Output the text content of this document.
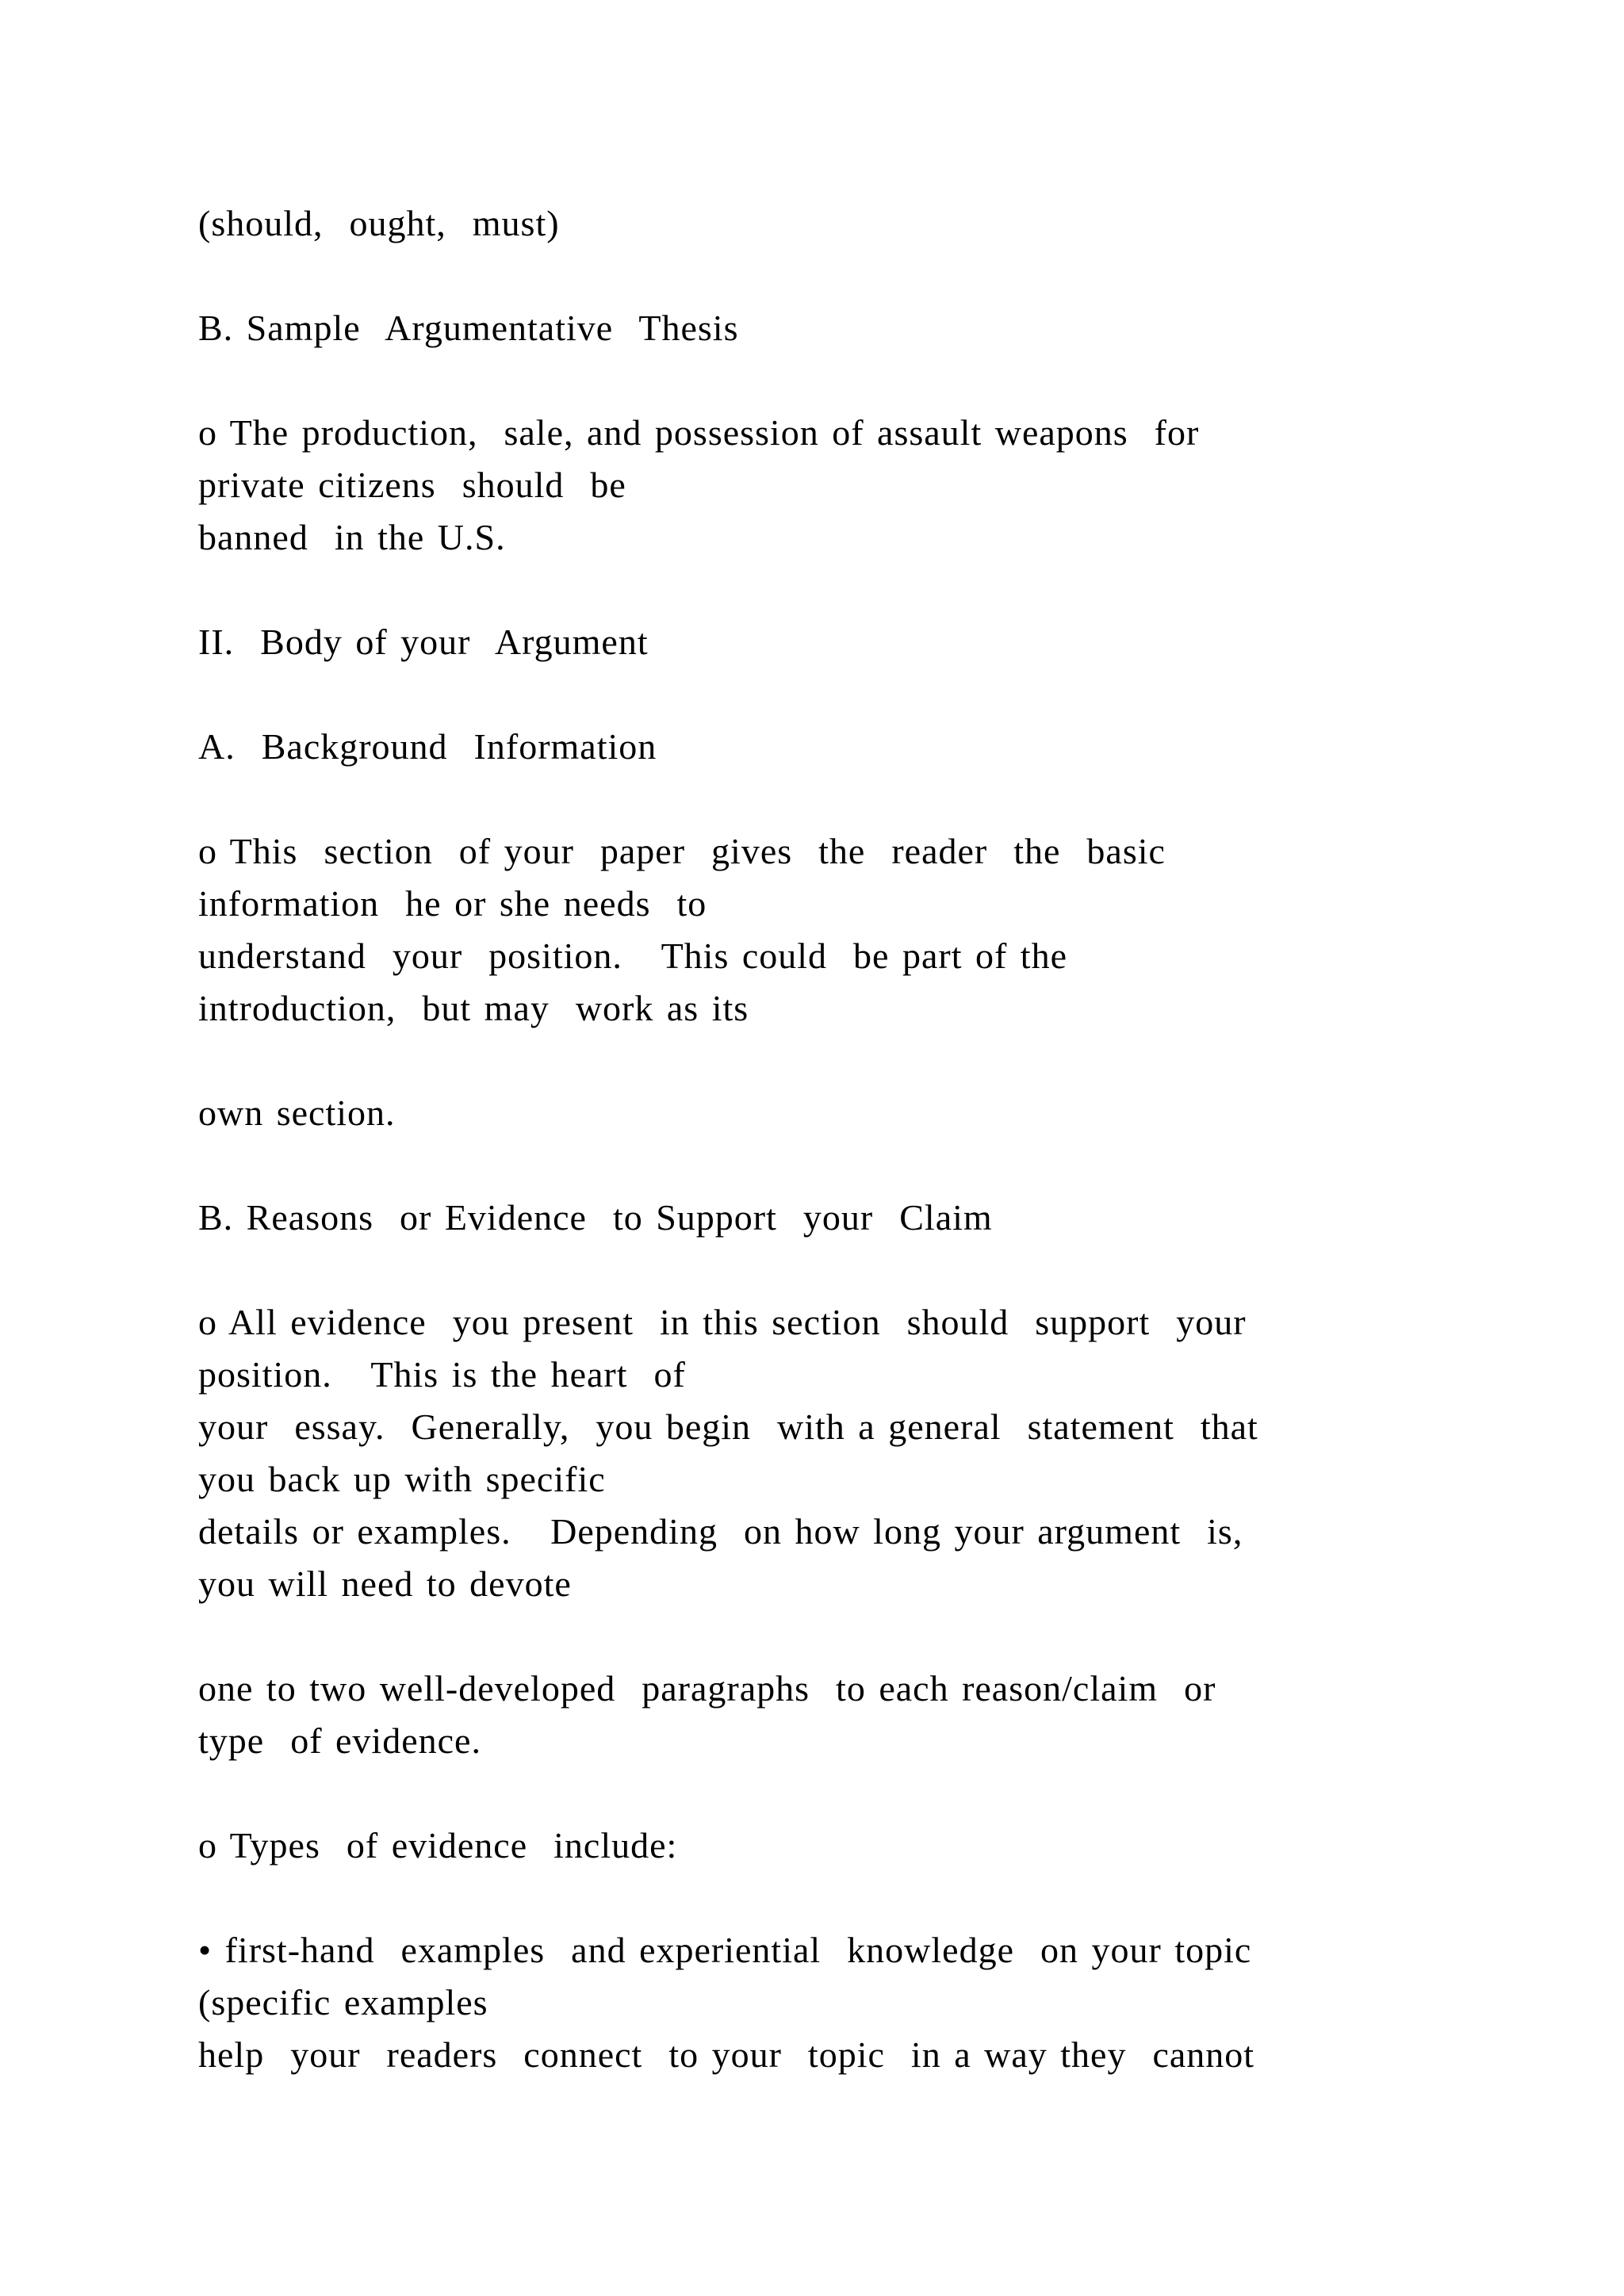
(should,  ought,  must)

B. Sample  Argumentative  Thesis

o The production,  sale, and possession of assault weapons  for

private citizens  should  be

banned  in the U.S.

II.  Body of your  Argument

A.  Background  Information

o This  section  of your  paper  gives  the  reader  the  basic

information  he or she needs  to

understand  your  position.   This could  be part of the

introduction,  but may  work as its

own section.

B. Reasons  or Evidence  to Support  your  Claim

o All evidence  you present  in this section  should  support  your

position.   This is the heart  of

your  essay.  Generally,  you begin  with a general  statement  that

you back up with specific

details or examples.   Depending  on how long your argument  is,

you will need to devote

one to two well-developed  paragraphs  to each reason/claim  or

type  of evidence.

o Types  of evidence  include:

• first-hand  examples  and experiential  knowledge  on your topic

(specific examples

help  your  readers  connect  to your  topic  in a way they  cannot
